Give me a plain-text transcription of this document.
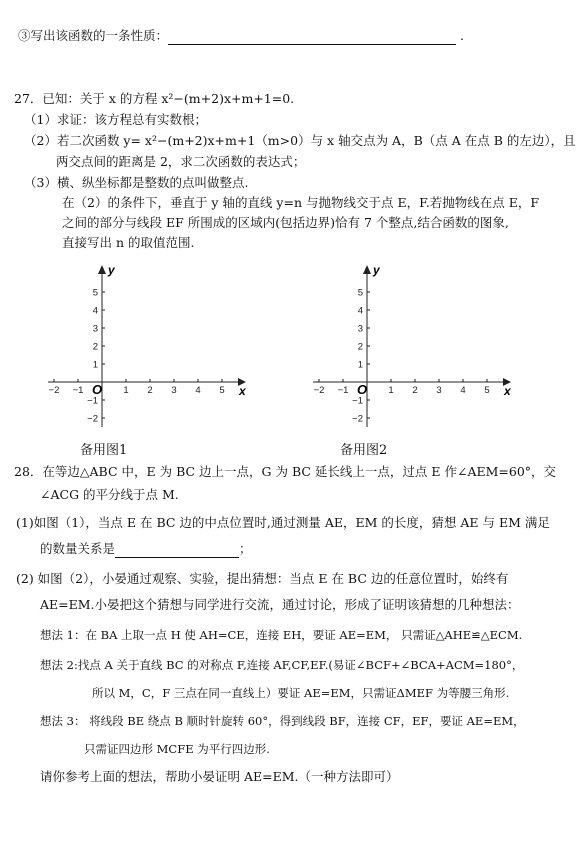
③写出该函数的一条性质：	.
27．已知：关于 x 的方程 x²−(m+2)x+m+1=0.
（1）求证：该方程总有实数根；
（2）若二次函数 y= x²−(m+2)x+m+1（m>0）与 x 轴交点为 A，B（点 A 在点 B 的左边），且
两交点间的距离是 2，求二次函数的表达式；
（3）横、纵坐标都是整数的点叫做整点.
在（2）的条件下，垂直于 y 轴的直线 y=n 与抛物线交于点 E，F.若抛物线在点 E，F
之间的部分与线段 EF 所围成的区域内(包括边界)恰有 7 个整点,结合函数的图象,
直接写出 n 的取值范围.
−2 −1	1 2 3 4 5
5
4
3
2
1
−1
−2
x
y
O
备用图1
−2 −1	1 2 3 4 5
5
4
3
2
1
−1
−2
x
y
O
备用图2
28．在等边△ABC 中，E 为 BC 边上一点，G 为 BC 延长线上一点，过点 E 作∠AEM=60°，交
∠ACG 的平分线于点 M.
(1)如图（1），当点 E 在 BC 边的中点位置时,通过测量 AE，EM 的长度，猜想 AE 与 EM 满足
的数量关系是	；
(2) 如图（2），小晏通过观察、实验，提出猜想：当点 E 在 BC 边的任意位置时，始终有
AE=EM.小晏把这个猜想与同学进行交流，通过讨论，形成了证明该猜想的几种想法：
想法 1：在 BA 上取一点 H 使 AH=CE，连接 EH，要证 AE=EM， 只需证△AHE≌△ECM.
想法 2:找点 A 关于直线 BC 的对称点 F,连接 AF,CF,EF.(易证∠BCF+∠BCA+ACM=180°，
所以 M，C，F 三点在同一直线上）要证 AE=EM，只需证ΔMEF 为等腰三角形.
想法 3： 将线段 BE 绕点 B 顺时针旋转 60°，得到线段 BF，连接 CF，EF，要证 AE=EM，
只需证四边形 MCFE 为平行四边形.
请你参考上面的想法，帮助小晏证明 AE=EM.（一种方法即可）
